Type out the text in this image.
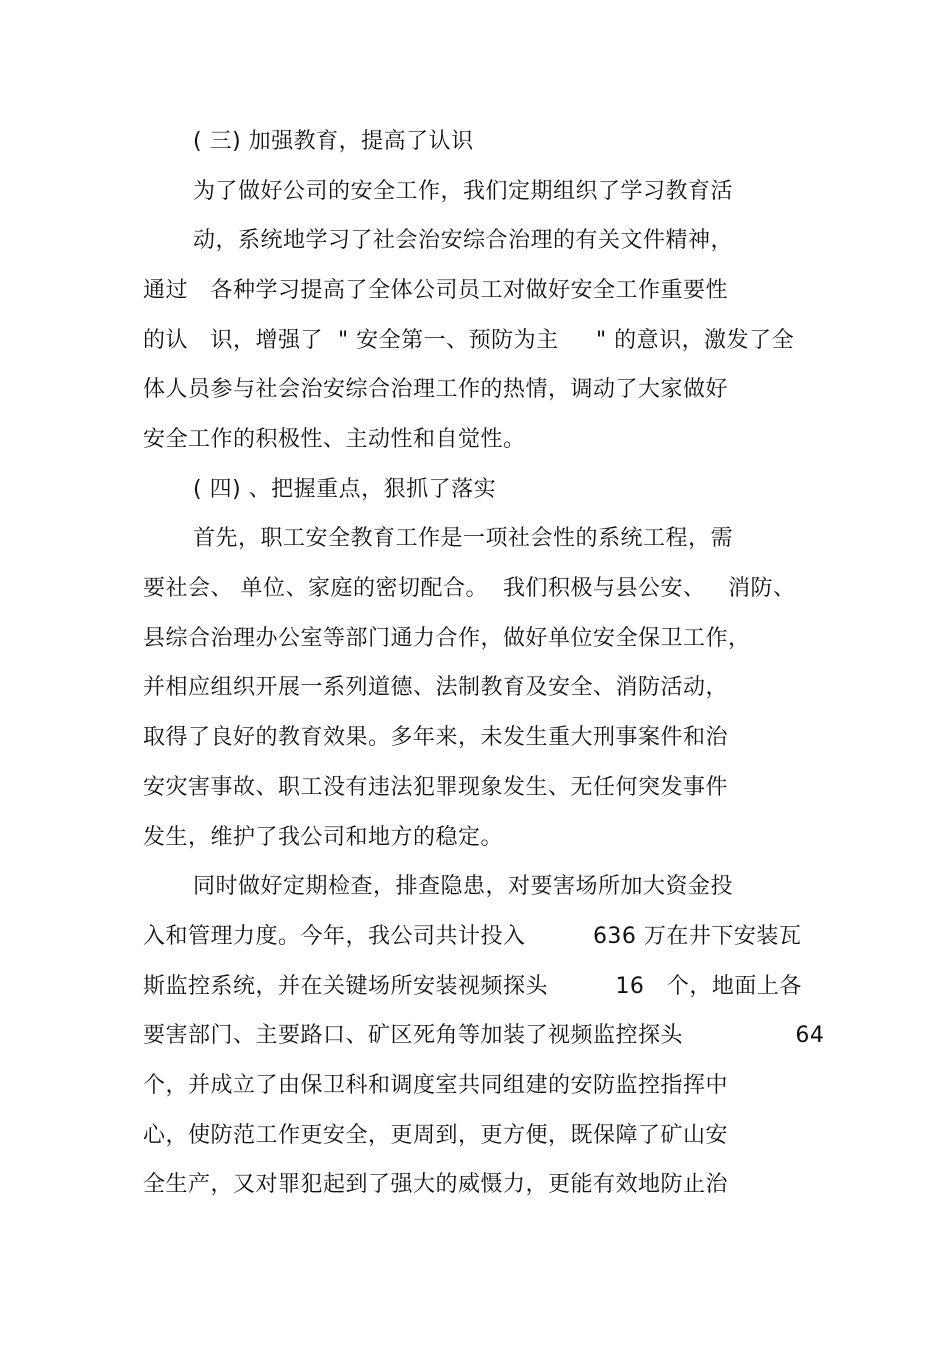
( 三) 加强教育，提高了认识
为了做好公司的安全工作，我们定期组织了学习教育活
动，系统地学习了社会治安综合治理的有关文件精神，
通过   各种学习提高了全体公司员工对做好安全工作重要性
的认   识，增强了  " 安全第一、预防为主     " 的意识，激发了全
体人员参与社会治安综合治理工作的热情，调动了大家做好
安全工作的积极性、主动性和自觉性。
( 四) 、把握重点，狠抓了落实
首先，职工安全教育工作是一项社会性的系统工程，需
要社会、 单位、家庭的密切配合。  我们积极与县公安、   消防、
县综合治理办公室等部门通力合作，做好单位安全保卫工作，
并相应组织开展一系列道德、法制教育及安全、消防活动，
取得了良好的教育效果。多年来，未发生重大刑事案件和治
安灾害事故、职工没有违法犯罪现象发生、无任何突发事件
发生，维护了我公司和地方的稳定。
同时做好定期检查，排查隐患，对要害场所加大资金投
入和管理力度。今年，我公司共计投入         636 万在井下安装瓦
斯监控系统，并在关键场所安装视频探头         16   个，地面上各
要害部门、主要路口、矿区死角等加装了视频监控探头               64
个，并成立了由保卫科和调度室共同组建的安防监控指挥中
心，使防范工作更安全，更周到，更方便，既保障了矿山安
全生产，又对罪犯起到了强大的威慑力，更能有效地防止治
